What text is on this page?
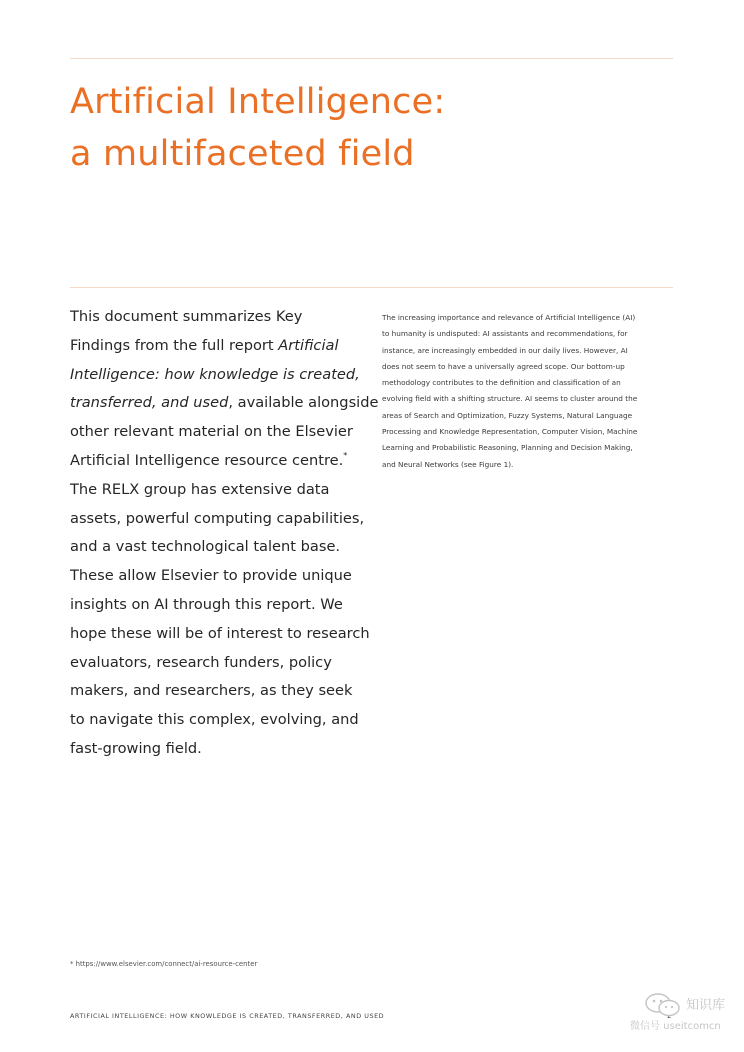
Artificial Intelligence:
a multifaceted field

This document summarizes Key
Findings from the full report Artificial
Intelligence: how knowledge is created,
transferred, and used, available alongside
other relevant material on the Elsevier
Artificial Intelligence resource centre.*
The RELX group has extensive data
assets, powerful computing capabilities,
and a vast technological talent base.
These allow Elsevier to provide unique
insights on AI through this report. We
hope these will be of interest to research
evaluators, research funders, policy
makers, and researchers, as they seek
to navigate this complex, evolving, and
fast-growing field.

The increasing importance and relevance of Artificial Intelligence (AI)
to humanity is undisputed: AI assistants and recommendations, for
instance, are increasingly embedded in our daily lives. However, AI
does not seem to have a universally agreed scope. Our bottom-up
methodology contributes to the definition and classification of an
evolving field with a shifting structure. AI seems to cluster around the
areas of Search and Optimization, Fuzzy Systems, Natural Language
Processing and Knowledge Representation, Computer Vision, Machine
Learning and Probabilistic Reasoning, Planning and Decision Making,
and Neural Networks (see Figure 1).

* https://www.elsevier.com/connect/ai-resource-center
ARTIFICIAL INTELLIGENCE: HOW KNOWLEDGE IS CREATED, TRANSFERRED, AND USED
知识库
微信号 useitcomcn
